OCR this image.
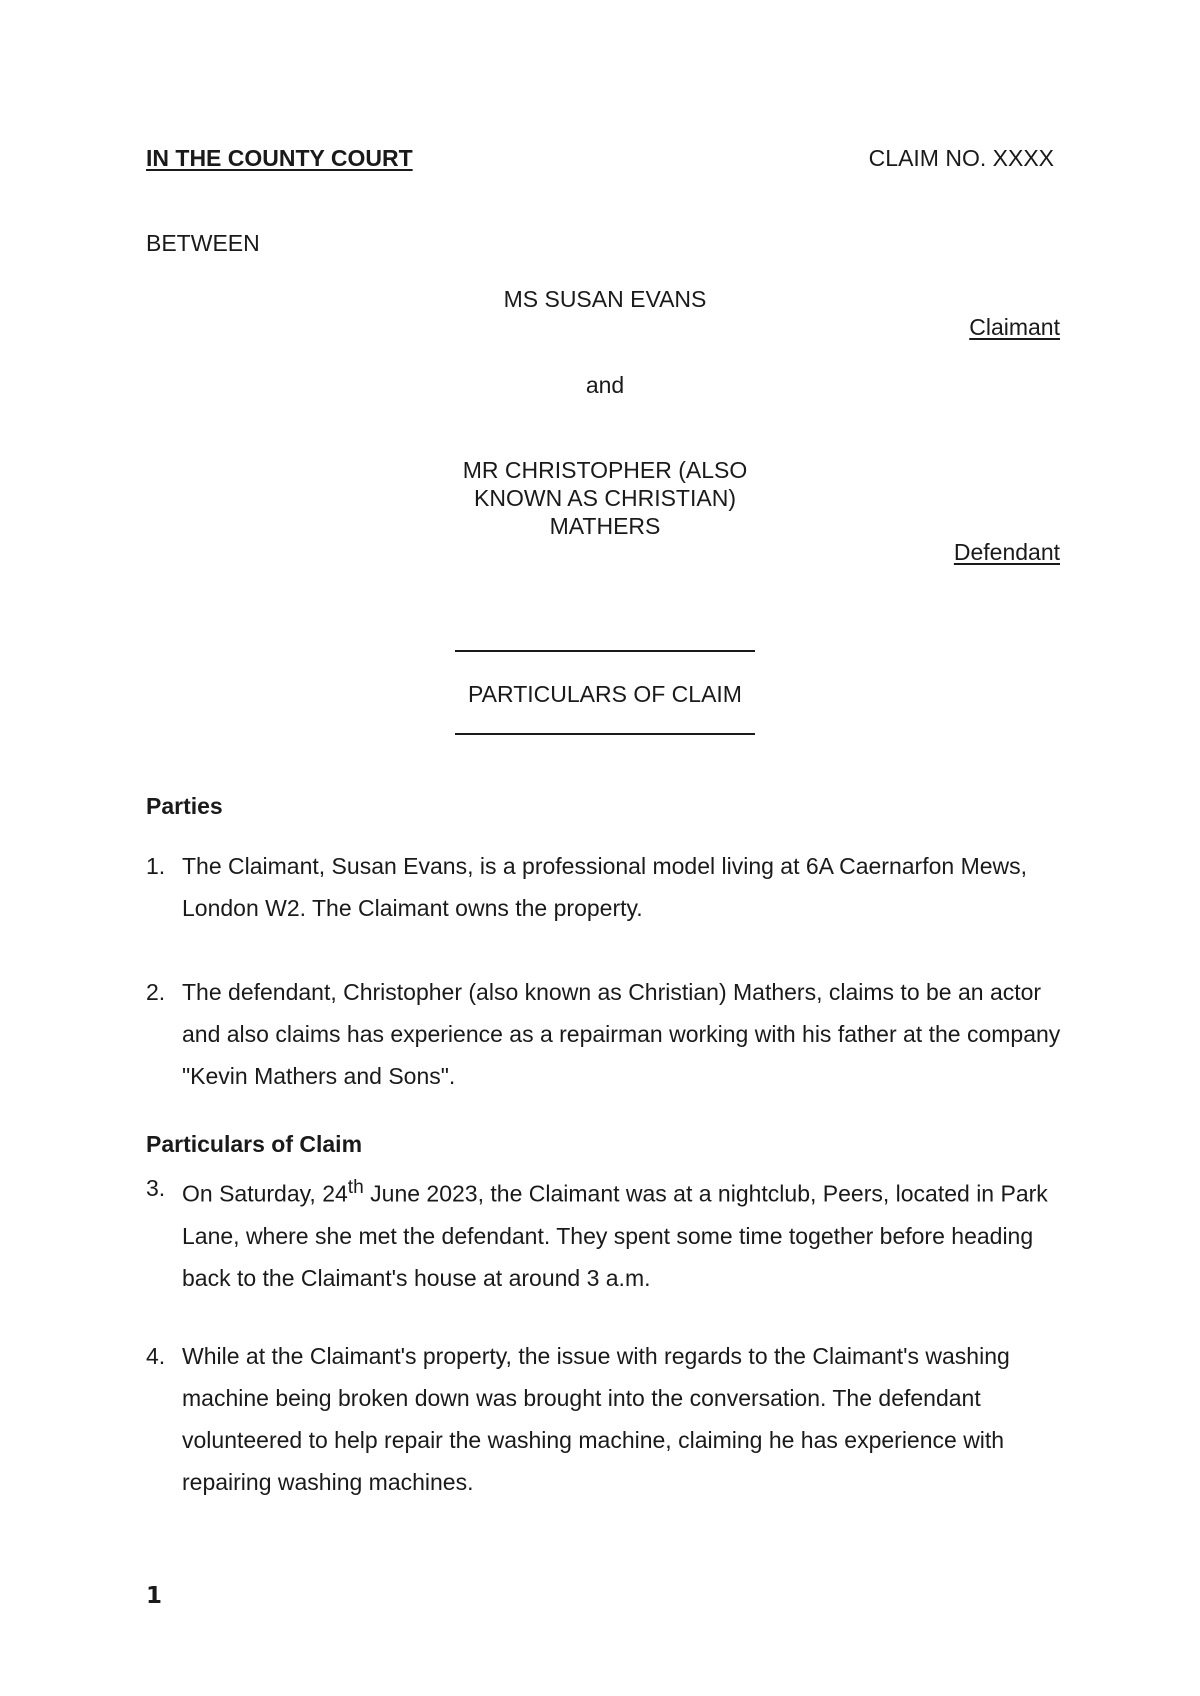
IN THE COUNTY COURT	CLAIM NO. XXXX

BETWEEN

MS SUSAN EVANS

Claimant

and

MR CHRISTOPHER (ALSO
KNOWN AS CHRISTIAN)
MATHERS

Defendant

PARTICULARS OF CLAIM

Parties

1. The Claimant, Susan Evans, is a professional model living at 6A Caernarfon Mews, London W2. The Claimant owns the property.
2. The defendant, Christopher (also known as Christian) Mathers, claims to be an actor and also claims has experience as a repairman working with his father at the company "Kevin Mathers and Sons".

Particulars of Claim

3. On Saturday, 24th June 2023, the Claimant was at a nightclub, Peers, located in Park Lane, where she met the defendant. They spent some time together before heading back to the Claimant's house at around 3 a.m.
4. While at the Claimant's property, the issue with regards to the Claimant's washing machine being broken down was brought into the conversation. The defendant volunteered to help repair the washing machine, claiming he has experience with repairing washing machines.

1
